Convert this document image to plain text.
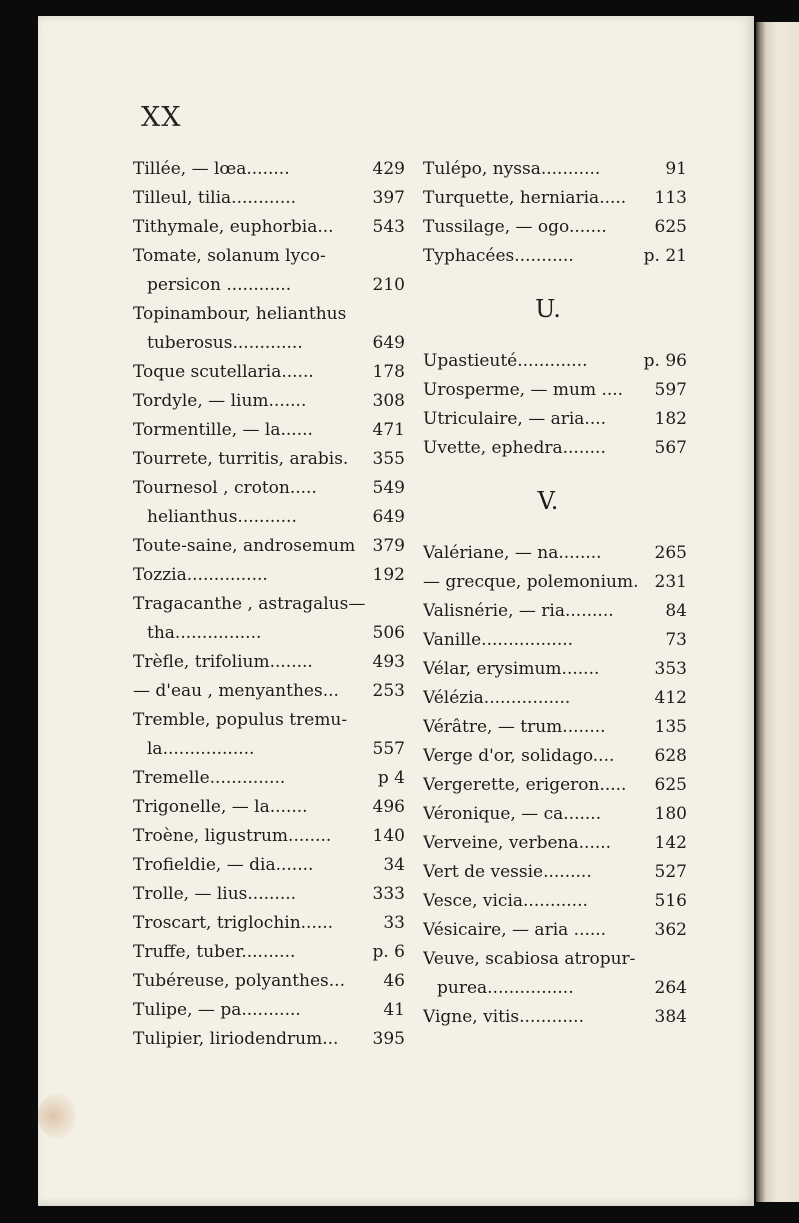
XX
Tillée, — lœa........	429
Tilleul, tilia............	397
Tithymale, euphorbia...	543
Tomate, solanum lyco-
persicon ............	210
Topinambour, helianthus
tuberosus.............	649
Toque scutellaria......	178
Tordyle, — lium.......	308
Tormentille, — la......	471
Tourrete, turritis, arabis.	355
Tournesol , croton.....	549
helianthus...........	649
Toute-saine, androsemum	379
Tozzia...............	192
Tragacanthe , astragalus—
tha................	506
Trèfle, trifolium........	493
— d'eau , menyanthes...	253
Tremble, populus tremu-
la.................	557
Tremelle..............	p 4
Trigonelle, — la.......	496
Troène, ligustrum........	140
Trofieldie, — dia.......	34
Trolle, — lius.........	333
Troscart, triglochin......	33
Truffe, tuber..........	p. 6
Tubéreuse, polyanthes...	46
Tulipe, — pa...........	41
Tulipier, liriodendrum...	395
Tulépo, nyssa...........	91
Turquette, herniaria.....	113
Tussilage, — ogo.......	625
Typhacées...........	p. 21
U.
Upastieuté.............	p. 96
Urosperme, — mum ....	597
Utriculaire, — aria....	182
Uvette, ephedra........	567
V.
Valériane, — na........	265
— grecque, polemonium. 231
Valisnérie, — ria.........	84
Vanille.................	73
Vélar, erysimum.......	353
Vélézia................	412
Vérâtre, — trum........	135
Verge d'or, solidago....	628
Vergerette, erigeron.....	625
Véronique, — ca.......	180
Verveine, verbena......	142
Vert de vessie.........	527
Vesce, vicia............	516
Vésicaire, — aria ......	362
Veuve, scabiosa atropur-
purea................	264
Vigne, vitis............	384
